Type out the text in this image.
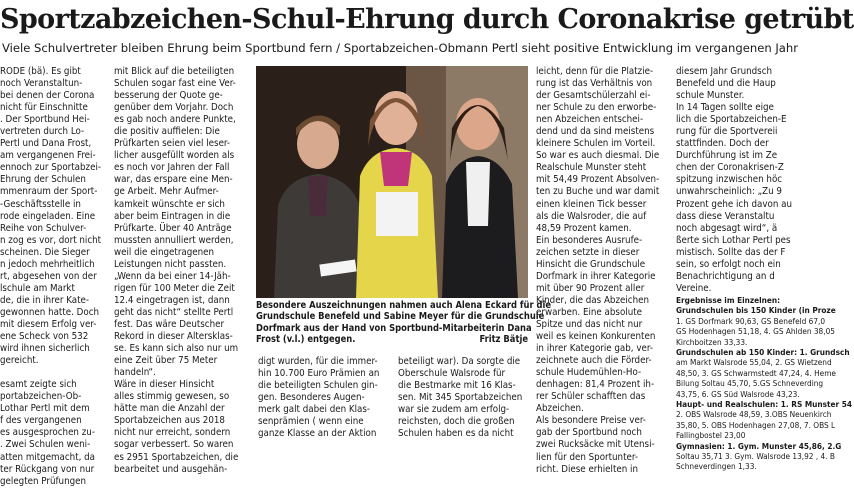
Sportzabzeichen-Schul-Ehrung durch Coronakrise getrübt
Viele Schulvertreter bleiben Ehrung beim Sportbund fern / Sportabzeichen-Obmann Pertl sieht positive Entwicklung im vergangenen Jahr
RODE (bä). Es gibt
noch Veranstaltun-
bei denen der Corona
nicht für Einschnitte
. Der Sportbund Hei-
vertreten durch Lo-
Pertl und Dana Frost,
am vergangenen Frei-
ennoch zur Sportabzei-
Ehrung der Schulen
mmenraum der Sport-
-Geschäftsstelle in
rode eingeladen. Eine
Reihe von Schulver-
n zog es vor, dort nicht
scheinen. Die Sieger
n jedoch mehrheitlich
rt, abgesehen von der
lschule am Markt
de, die in ihrer Kate-
gewonnen hatte. Doch
mit diesem Erfolg ver-
ene Scheck von 532
wird ihnen sicherlich
gereicht.

esamt zeigte sich
portabzeichen-Ob-
Lothar Pertl mit dem
f des vergangenen
es ausgesprochen zu-
. Zwei Schulen weni-
atten mitgemacht, da
ter Rückgang von nur
gelegten Prüfungen
mit Blick auf die beteiligten
Schulen sogar fast eine Ver-
besserung der Quote ge-
genüber dem Vorjahr. Doch
es gab noch andere Punkte,
die positiv auffielen: Die
Prüfkarten seien viel leser-
licher ausgefüllt worden als
es noch vor Jahren der Fall
war, das erspare eine Men-
ge Arbeit. Mehr Aufmer-
kamkeit wünschte er sich
aber beim Eintragen in die
Prüfkarte. Über 40 Anträge
mussten annulliert werden,
weil die eingetragenen
Leistungen nicht passten.
„Wenn da bei einer 14-Jäh-
rigen für 100 Meter die Zeit
12.4 eingetragen ist, dann
geht das nicht“ stellte Pertl
fest. Das wäre Deutscher
Rekord in dieser Altersklas-
se. Es kann sich also nur um
eine Zeit über 75 Meter
handeln“.
Wäre in dieser Hinsicht
alles stimmig gewesen, so
hätte man die Anzahl der
Sportabzeichen aus 2018
nicht nur erreicht, sondern
sogar verbessert. So waren
es 2951 Sportabzeichen, die
bearbeitet und ausgehän-
Besondere Auszeichnungen nahmen auch Alena Eckard für die
Grundschule Benefeld und Sabine Meyer für die Grundschule
Dorfmark aus der Hand von Sportbund-Mitarbeiterin Dana
Frost (v.l.) entgegen.	Fritz Bätje
digt wurden, für die immer-
hin 10.700 Euro Prämien an
die beteiligten Schulen gin-
gen. Besonderes Augen-
merk galt dabei den Klas-
senprämien ( wenn eine
ganze Klasse an der Aktion
beteiligt war). Da sorgte die
Oberschule Walsrode für
die Bestmarke mit 16 Klas-
sen. Mit 345 Sportabzeichen
war sie zudem am erfolg-
reichsten, doch die großen
Schulen haben es da nicht
leicht, denn für die Platzie-
rung ist das Verhältnis von
der Gesamtschülerzahl ei-
ner Schule zu den erworbe-
nen Abzeichen entschei-
dend und da sind meistens
kleinere Schulen im Vorteil.
So war es auch diesmal. Die
Realschule Munster steht
mit 54,49 Prozent Absolven-
ten zu Buche und war damit
einen kleinen Tick besser
als die Walsroder, die auf
48,59 Prozent kamen.
Ein besonderes Ausrufe-
zeichen setzte in dieser
Hinsicht die Grundschule
Dorfmark in ihrer Kategorie
mit über 90 Prozent aller
Kinder, die das Abzeichen
erwarben. Eine absolute
Spitze und das nicht nur
weil es keinen Konkurenten
in ihrer Kategorie gab, ver-
zeichnete auch die Förder-
schule Hudemühlen-Ho-
denhagen: 81,4 Prozent ih-
rer Schüler schafften das
Abzeichen.
Als besondere Preise ver-
gab der Sportbund noch
zwei Rucksäcke mit Utensi-
lien für den Sportunter-
richt. Diese erhielten in
diesem Jahr Grundsch
Benefeld und die Haup
schule Munster.
In 14 Tagen sollte eige
lich die Sportabzeichen-E
rung für die Sportvereii
stattfinden. Doch der
Durchführung ist im Ze
chen der Coronakrisen-Z
spitzung inzwischen höc
unwahrscheinlich: „Zu 9
Prozent gehe ich davon au
dass diese Veranstaltu
noch abgesagt wird“, ä
ßerte sich Lothar Pertl pes
mistisch. Sollte das der F
sein, so erfolgt noch ein
Benachrichtigung an d
Vereine.
Ergebnisse im Einzelnen:
Grundschulen bis 150 Kinder (in Proze
1. GS Dorfmark 90,63, GS Benefeld 67,0
GS Hodenhagen 51,18, 4. GS Ahlden 38,05
Kirchboitzen 33,33.
Grundschulen ab 150 Kinder: 1. Grundsch
am Markt Walsrode 55,04, 2. GS Wietzend
48,50, 3. GS Schwarmstedt 47,24, 4. Heme
Bilung Soltau 45,70, 5.GS Schneverding
43,75, 6. GS Süd Walsrode 43,23.
Haupt- und Realschulen: 1. RS Munster 54
2. OBS Walsrode 48,59, 3.OBS Neuenkirch
35,80, 5. OBS Hodenhagen 27,08, 7. OBS L
Fallingbostel 23,00
Gymnasien: 1. Gym. Munster 45,86, 2.G
Soltau 35,71 3. Gym. Walsrode 13,92 , 4. B
Schneverdingen 1,33.
